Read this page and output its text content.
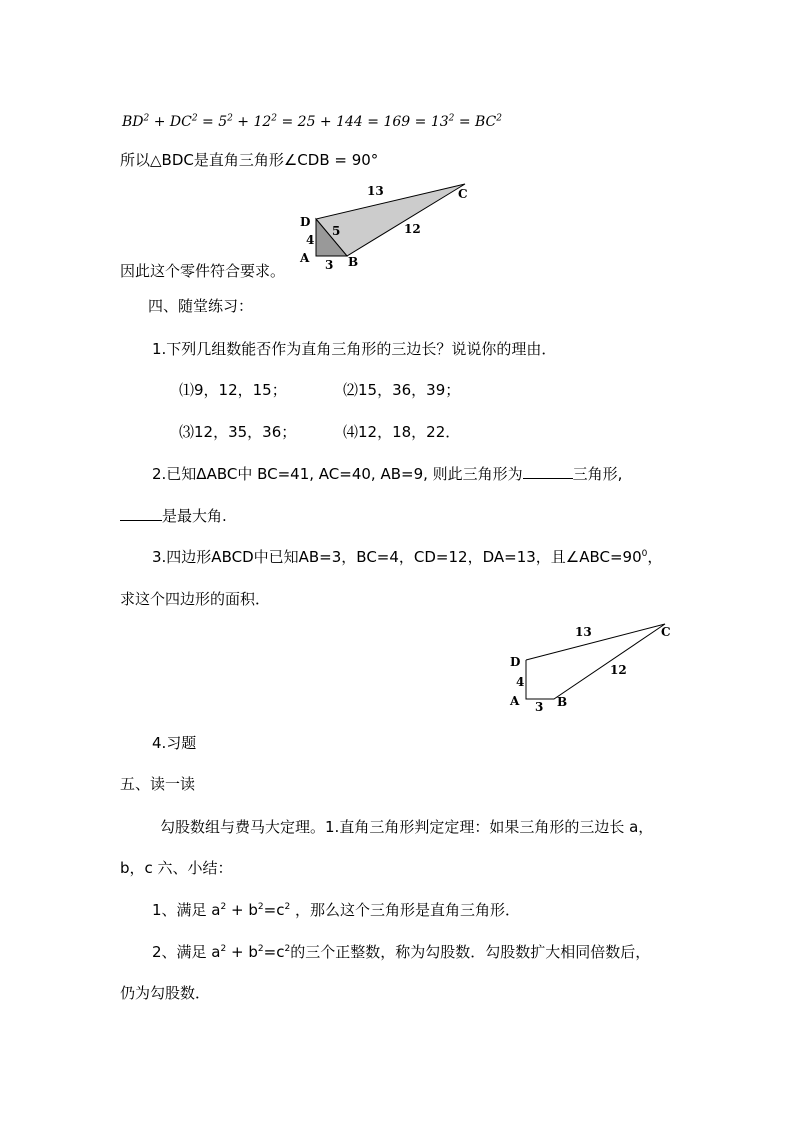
$BD^2 + DC^2 = 5^2 + 12^2 = 25 + 144 = 169 = 13^2 = BC^2$
所以△BDC是直角三角形∠CDB = 90°
D
A	B
C
4
3
5	12
13
因此这个零件符合要求。
四、随堂练习：
1.下列几组数能否作为直角三角形的三边长？说说你的理由．
⑴9，12，15；	⑵15，36，39；
⑶12，35，36；	⑷12，18，22．
2.已知ΔABC中 BC=41, AC=40, AB=9, 则此三角形为	三角形,
是最大角.
3.四边形ABCD中已知AB=3，BC=4，CD=12，DA=13，且$\angle ABC=90^0$，
求这个四边形的面积．
D
A	B
C
4
3
12
13
4.习题
五、读一读
勾股数组与费马大定理。1.直角三角形判定定理：如果三角形的三边长 a，
b，c 六、小结：
1、满足 $a^2 + b^2=c^2$ ，那么这个三角形是直角三角形．
2、满足 $a^2 + b^2=c^2$的三个正整数，称为勾股数．勾股数扩大相同倍数后，
仍为勾股数．
